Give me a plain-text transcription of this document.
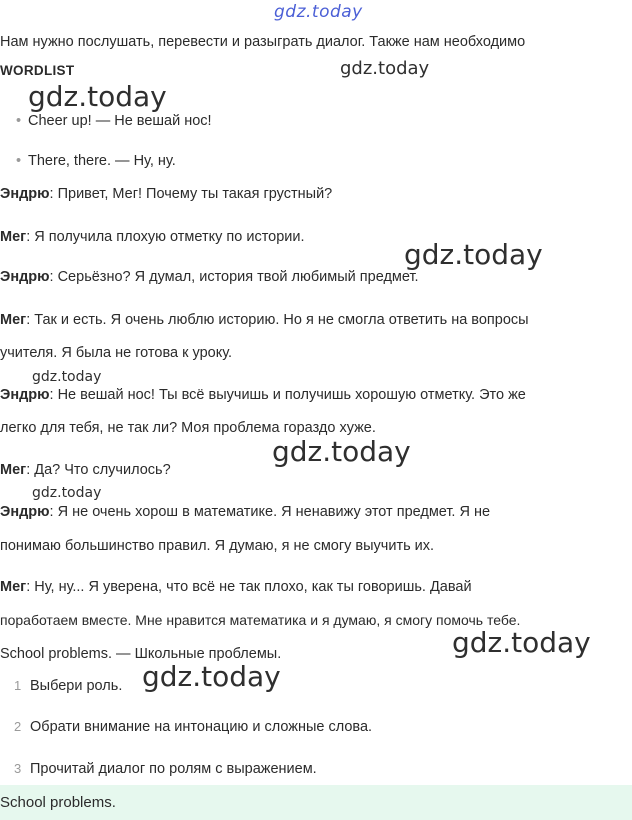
gdz.today
gdz.today
gdz.today
gdz.today
gdz.today
gdz.today
gdz.today
gdz.today
gdz.today
Нам нужно послушать, перевести и разыграть диалог. Также нам необходимо
WORDLIST
• Cheer up! — Не вешай нос!
• There, there. — Ну, ну.
Эндрю: Привет, Мег! Почему ты такая грустный?
Мег: Я получила плохую отметку по истории.
Эндрю: Серьёзно? Я думал, история твой любимый предмет.
Мег: Так и есть. Я очень люблю историю. Но я не смогла ответить на вопросы
учителя. Я была не готова к уроку.
Эндрю: Не вешай нос! Ты всё выучишь и получишь хорошую отметку. Это же
легко для тебя, не так ли? Моя проблема гораздо хуже.
Мег: Да? Что случилось?
Эндрю: Я не очень хорош в математике. Я ненавижу этот предмет. Я не
понимаю большинство правил. Я думаю, я не смогу выучить их.
Мег: Ну, ну... Я уверена, что всё не так плохо, как ты говоришь. Давай
поработаем вместе. Мне нравится математика и я думаю, я смогу помочь тебе.
School problems. — Школьные проблемы.
1 Выбери роль.
2 Обрати внимание на интонацию и сложные слова.
3 Прочитай диалог по ролям с выражением.
School problems.
